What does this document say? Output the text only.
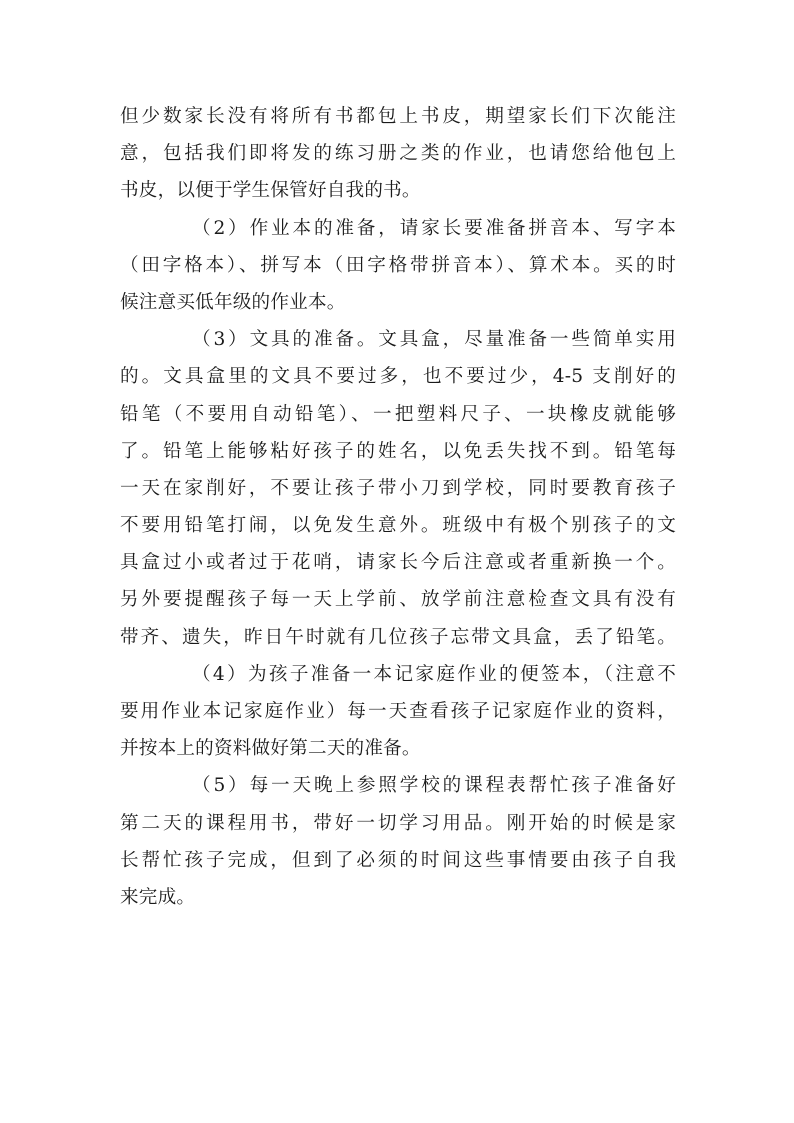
但少数家长没有将所有书都包上书皮，期望家长们下次能注
意，包括我们即将发的练习册之类的作业，也请您给他包上
书皮，以便于学生保管好自我的书。
（2）作业本的准备，请家长要准备拼音本、写字本
（田字格本）、拼写本（田字格带拼音本）、算术本。买的时
候注意买低年级的作业本。
（3）文具的准备。文具盒，尽量准备一些简单实用
的。文具盒里的文具不要过多，也不要过少，4-5 支削好的
铅笔（不要用自动铅笔）、一把塑料尺子、一块橡皮就能够
了。铅笔上能够粘好孩子的姓名，以免丢失找不到。铅笔每
一天在家削好，不要让孩子带小刀到学校，同时要教育孩子
不要用铅笔打闹，以免发生意外。班级中有极个别孩子的文
具盒过小或者过于花哨，请家长今后注意或者重新换一个。
另外要提醒孩子每一天上学前、放学前注意检查文具有没有
带齐、遗失，昨日午时就有几位孩子忘带文具盒，丢了铅笔。
（4）为孩子准备一本记家庭作业的便签本，（注意不
要用作业本记家庭作业）每一天查看孩子记家庭作业的资料，
并按本上的资料做好第二天的准备。
（5）每一天晚上参照学校的课程表帮忙孩子准备好
第二天的课程用书，带好一切学习用品。刚开始的时候是家
长帮忙孩子完成，但到了必须的时间这些事情要由孩子自我
来完成。
